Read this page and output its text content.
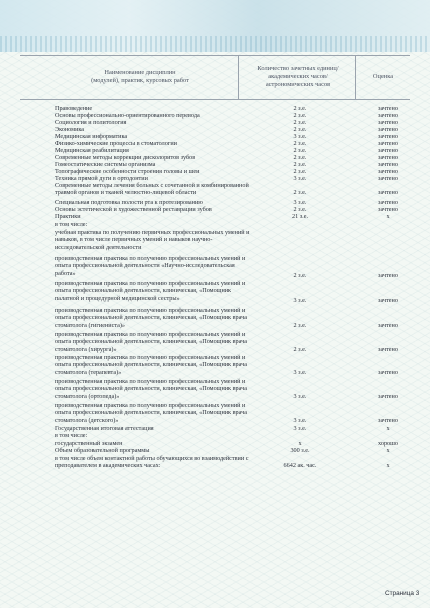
Наименование дисциплин (модулей), практик, курсовых работ
Количество зачетных единиц/академических часов/астрономических часов
Оценка
Правоведение	2 з.е.	зачтено
Основы профессионально-ориентированного перевода	2 з.е.	зачтено
Социология и политология	2 з.е.	зачтено
Экономика	2 з.е.	зачтено
Медицинская информатика	3 з.е.	зачтено
Физико-химические процессы в стоматологии	2 з.е.	зачтено
Медицинская реабилитация	2 з.е.	зачтено
Современные методы коррекции дисколоритов зубов	2 з.е.	зачтено
Гомеостатические системы организма	2 з.е.	зачтено
Топографические особенности строения головы и шеи	2 з.е.	зачтено
Техника прямой дуги в ортодонтии	3 з.е.	зачтено
Современные методы лечения больных с сочетанной и комбинированной травмой органов и тканей челюстно-лицевой области	2 з.е.	зачтено
Специальная подготовка полости рта к протезированию	3 з.е.	зачтено
Основы эстетической и художественной реставрации зубов	2 з.е.	зачтено
Практики	21 з.е.	х
в том числе:
учебная практика по получению первичных профессиональных умений и навыков, в том числе первичных умений и навыков научно-исследовательской деятельности
производственная практика по получению профессиональных умений и опыта профессиональной деятельности «Научно-исследовательская работа»	2 з.е.	зачтено
производственная практика по получению профессиональных умений и опыта профессиональной деятельности, клиническая, «Помощник палатной и процедурной медицинской сестры»	3 з.е.	зачтено
производственная практика по получению профессиональных умений и опыта профессиональной деятельности, клиническая, «Помощник врача стоматолога (гигиениста)»	2 з.е.	зачтено
производственная практика по получению профессиональных умений и опыта профессиональной деятельности, клиническая, «Помощник врача стоматолога (хирурга)»	2 з.е.	зачтено
производственная практика по получению профессиональных умений и опыта профессиональной деятельности, клиническая, «Помощник врача стоматолога (терапевта)»	3 з.е.	зачтено
производственная практика по получению профессиональных умений и опыта профессиональной деятельности, клиническая, «Помощник врача стоматолога (ортопеда)»	3 з.е.	зачтено
производственная практика по получению профессиональных умений и опыта профессиональной деятельности, клиническая, «Помощник врача стоматолога (детского)»	3 з.е.	зачтено
Государственная итоговая аттестация	3 з.е.	х
в том числе:
государственный экзамен	х	хорошо
Объем образовательной программы	300 з.е.	х
в том числе объем контактной работы обучающихся во взаимодействии с преподавателем в академических часах:	6642 ак. час.	х
Страница 3
